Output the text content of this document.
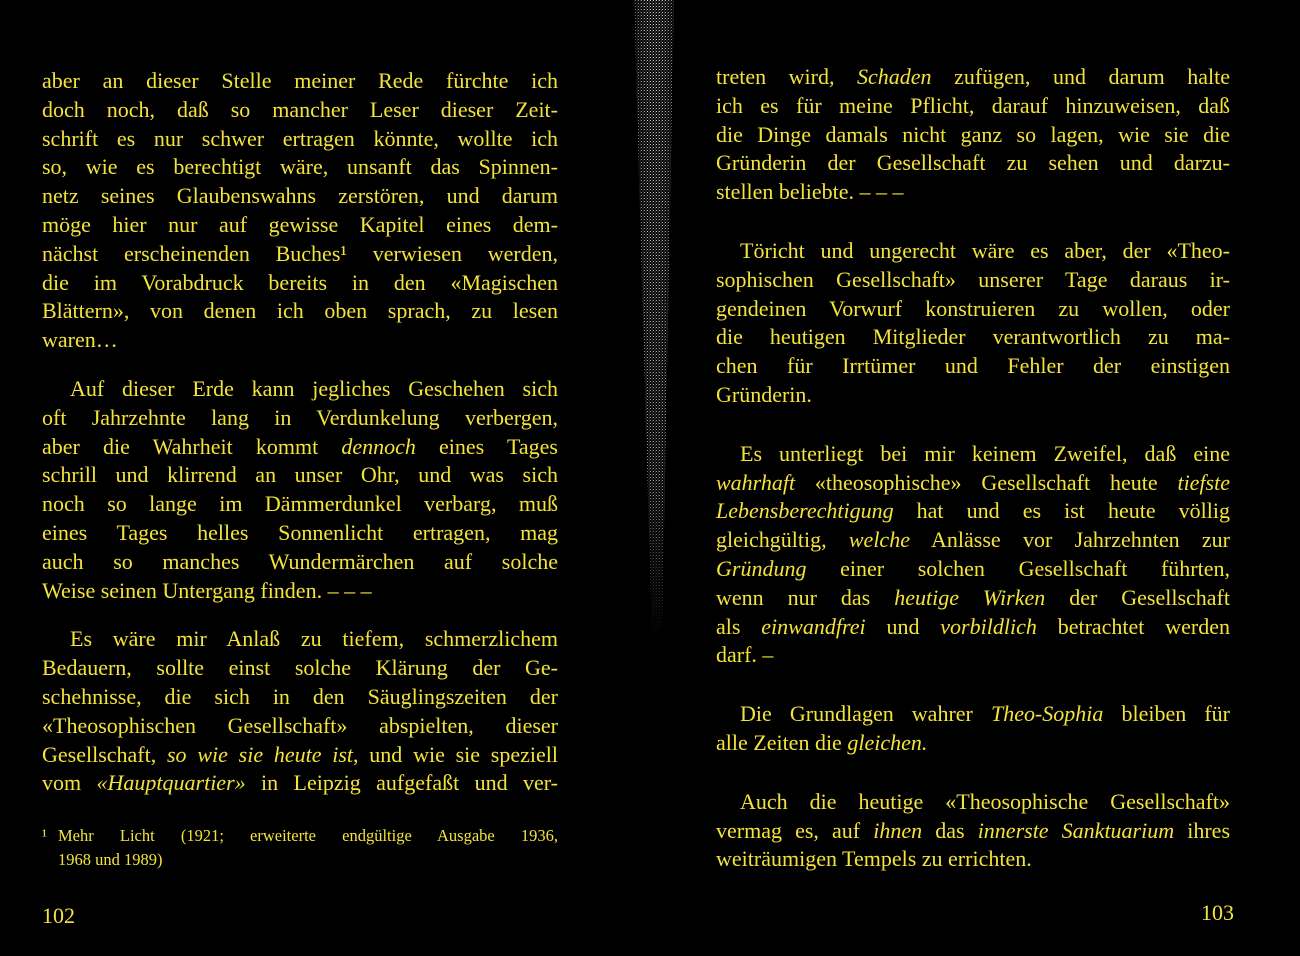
aber an dieser Stelle meiner Rede fürchte ich
doch noch, daß so mancher Leser dieser Zeit-
schrift es nur schwer ertragen könnte, wollte ich
so, wie es berechtigt wäre, unsanft das Spinnen-
netz seines Glaubenswahns zerstören, und darum
möge hier nur auf gewisse Kapitel eines dem-
nächst erscheinenden Buches¹ verwiesen werden,
die im Vorabdruck bereits in den «Magischen
Blättern», von denen ich oben sprach, zu lesen
waren…
Auf dieser Erde kann jegliches Geschehen sich
oft Jahrzehnte lang in Verdunkelung verbergen,
aber die Wahrheit kommt dennoch eines Tages
schrill und klirrend an unser Ohr, und was sich
noch so lange im Dämmerdunkel verbarg, muß
eines Tages helles Sonnenlicht ertragen, mag
auch so manches Wundermärchen auf solche
Weise seinen Untergang finden. – – –
Es wäre mir Anlaß zu tiefem, schmerzlichem
Bedauern, sollte einst solche Klärung der Ge-
schehnisse, die sich in den Säuglingszeiten der
«Theosophischen Gesellschaft» abspielten, dieser
Gesellschaft, so wie sie heute ist, und wie sie speziell
vom «Hauptquartier» in Leipzig aufgefaßt und ver-
¹ Mehr Licht (1921; erweiterte endgültige Ausgabe 1936,
1968 und 1989)
102
treten wird, Schaden zufügen, und darum halte
ich es für meine Pflicht, darauf hinzuweisen, daß
die Dinge damals nicht ganz so lagen, wie sie die
Gründerin der Gesellschaft zu sehen und darzu-
stellen beliebte. – – –
Töricht und ungerecht wäre es aber, der «Theo-
sophischen Gesellschaft» unserer Tage daraus ir-
gendeinen Vorwurf konstruieren zu wollen, oder
die heutigen Mitglieder verantwortlich zu ma-
chen für Irrtümer und Fehler der einstigen
Gründerin.
Es unterliegt bei mir keinem Zweifel, daß eine
wahrhaft «theosophische» Gesellschaft heute tiefste
Lebensberechtigung hat und es ist heute völlig
gleichgültig, welche Anlässe vor Jahrzehnten zur
Gründung einer solchen Gesellschaft führten,
wenn nur das heutige Wirken der Gesellschaft
als einwandfrei und vorbildlich betrachtet werden
darf. –
Die Grundlagen wahrer Theo-Sophia bleiben für
alle Zeiten die gleichen.
Auch die heutige «Theosophische Gesellschaft»
vermag es, auf ihnen das innerste Sanktuarium ihres
weiträumigen Tempels zu errichten.
103
